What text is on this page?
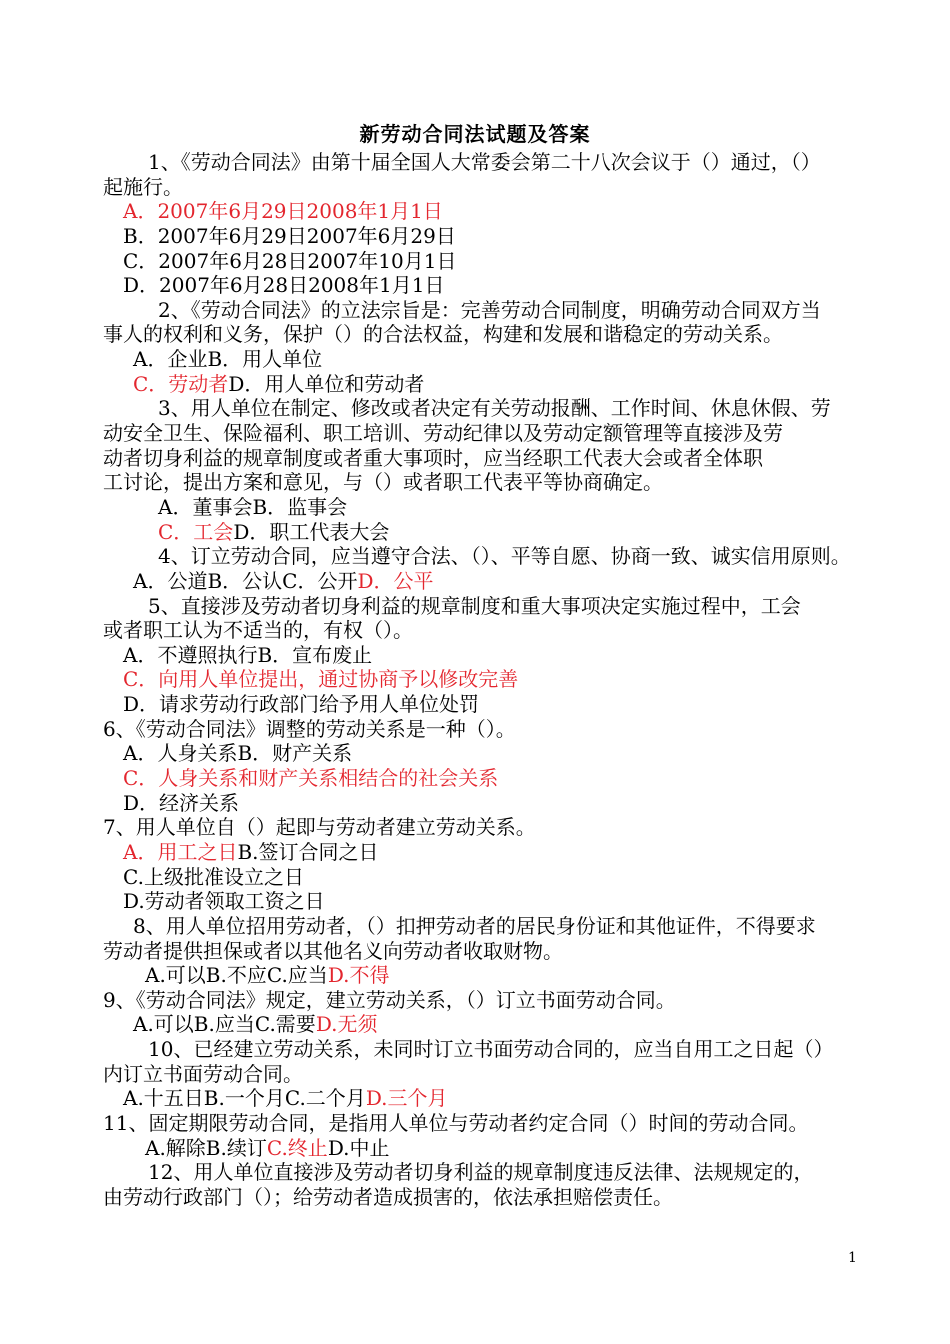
新劳动合同法试题及答案
1、《劳动合同法》由第十届全国人大常委会第二十八次会议于（）通过，（）
起施行。
A．2007年6月29日2008年1月1日
B．2007年6月29日2007年6月29日
C．2007年6月28日2007年10月1日
D．2007年6月28日2008年1月1日
2、《劳动合同法》的立法宗旨是：完善劳动合同制度，明确劳动合同双方当
事人的权利和义务，保护（）的合法权益，构建和发展和谐稳定的劳动关系。
A．企业B．用人单位
C．劳动者D．用人单位和劳动者
3、用人单位在制定、修改或者决定有关劳动报酬、工作时间、休息休假、劳
动安全卫生、保险福利、职工培训、劳动纪律以及劳动定额管理等直接涉及劳
动者切身利益的规章制度或者重大事项时，应当经职工代表大会或者全体职
工讨论，提出方案和意见，与（）或者职工代表平等协商确定。
A．董事会B．监事会
C．工会D．职工代表大会
4、订立劳动合同，应当遵守合法、（）、平等自愿、协商一致、诚实信用原则。
A．公道B．公认C．公开D．公平
5、直接涉及劳动者切身利益的规章制度和重大事项决定实施过程中，工会
或者职工认为不适当的，有权（）。
A．不遵照执行B．宣布废止
C．向用人单位提出，通过协商予以修改完善
D．请求劳动行政部门给予用人单位处罚
6、《劳动合同法》调整的劳动关系是一种（）。
A．人身关系B．财产关系
C．人身关系和财产关系相结合的社会关系
D．经济关系
7、用人单位自（）起即与劳动者建立劳动关系。
A．用工之日B.签订合同之日
C.上级批准设立之日
D.劳动者领取工资之日
8、用人单位招用劳动者，（）扣押劳动者的居民身份证和其他证件，不得要求
劳动者提供担保或者以其他名义向劳动者收取财物。
A.可以B.不应C.应当D.不得
9、《劳动合同法》规定，建立劳动关系，（）订立书面劳动合同。
A.可以B.应当C.需要D.无须
10、已经建立劳动关系，未同时订立书面劳动合同的，应当自用工之日起（）
内订立书面劳动合同。
A.十五日B.一个月C.二个月D.三个月
11、固定期限劳动合同，是指用人单位与劳动者约定合同（）时间的劳动合同。
A.解除B.续订C.终止D.中止
12、用人单位直接涉及劳动者切身利益的规章制度违反法律、法规规定的，
由劳动行政部门（）；给劳动者造成损害的，依法承担赔偿责任。
1
